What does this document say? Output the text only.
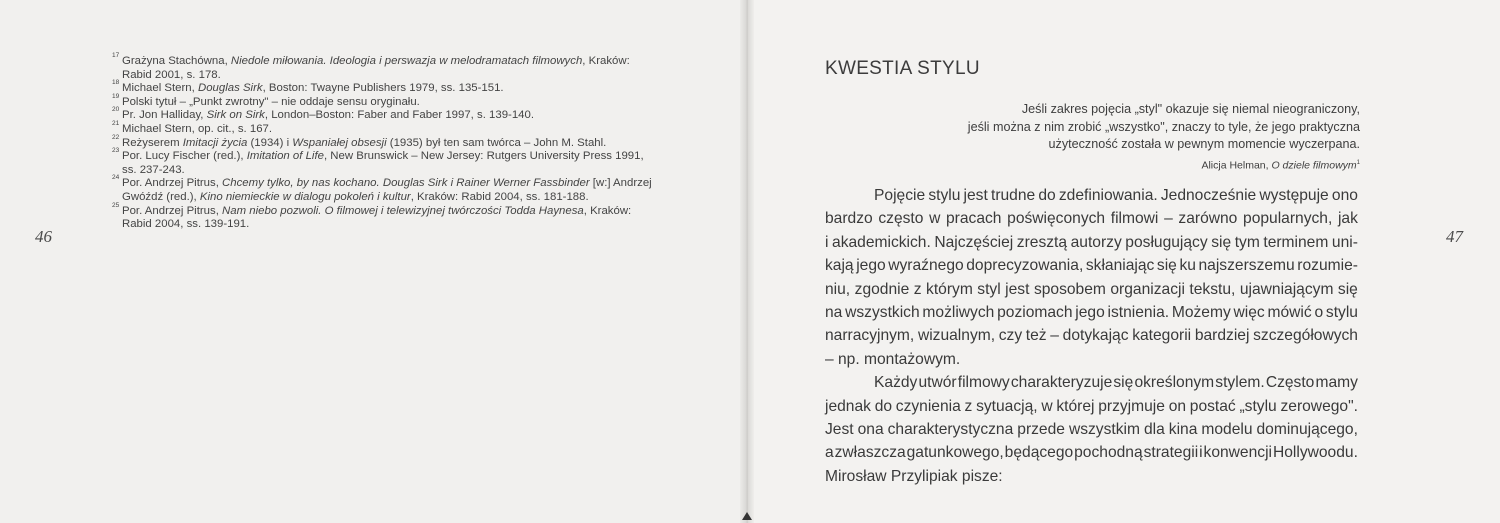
46
17 Grażyna Stachówna, Niedole miłowania. Ideologia i perswazja w melodramatach filmowych, Kraków:
Rabid 2001, s. 178.
18 Michael Stern, Douglas Sirk, Boston: Twayne Publishers 1979, ss. 135-151.
19 Polski tytuł – „Punkt zwrotny" – nie oddaje sensu oryginału.
20 Pr. Jon Halliday, Sirk on Sirk, London–Boston: Faber and Faber 1997, s. 139-140.
21 Michael Stern, op. cit., s. 167.
22 Reżyserem Imitacji życia (1934) i Wspaniałej obsesji (1935) był ten sam twórca – John M. Stahl.
23 Por. Lucy Fischer (red.), Imitation of Life, New Brunswick – New Jersey: Rutgers University Press 1991,
ss. 237-243.
24 Por. Andrzej Pitrus, Chcemy tylko, by nas kochano. Douglas Sirk i Rainer Werner Fassbinder [w:] Andrzej
Gwóźdź (red.), Kino niemieckie w dialogu pokoleń i kultur, Kraków: Rabid 2004, ss. 181-188.
25 Por. Andrzej Pitrus, Nam niebo pozwoli. O filmowej i telewizyjnej twórczości Todda Haynesa, Kraków:
Rabid 2004, ss. 139-191.
47
KWESTIA STYLU
Jeśli zakres pojęcia „styl" okazuje się niemal nieograniczony,
jeśli można z nim zrobić „wszystko", znaczy to tyle, że jego praktyczna
użyteczność została w pewnym momencie wyczerpana.
Alicja Helman, O dziele filmowym$^1$
Pojęcie stylu jest trudne do zdefiniowania. Jednocześnie występuje ono
bardzo często w pracach poświęconych filmowi – zarówno popularnych, jak
i akademickich. Najczęściej zresztą autorzy posługujący się tym terminem uni-
kają jego wyraźnego doprecyzowania, skłaniając się ku najszerszemu rozumie-
niu, zgodnie z którym styl jest sposobem organizacji tekstu, ujawniającym się
na wszystkich możliwych poziomach jego istnienia. Możemy więc mówić o stylu
narracyjnym, wizualnym, czy też – dotykając kategorii bardziej szczegółowych
– np. montażowym.
Każdy utwór filmowy charakteryzuje się określonym stylem. Często mamy
jednak do czynienia z sytuacją, w której przyjmuje on postać „stylu zerowego".
Jest ona charakterystyczna przede wszystkim dla kina modelu dominującego,
a zwłaszcza gatunkowego, będącego pochodną strategii i konwencji Hollywoodu.
Mirosław Przylipiak pisze:
